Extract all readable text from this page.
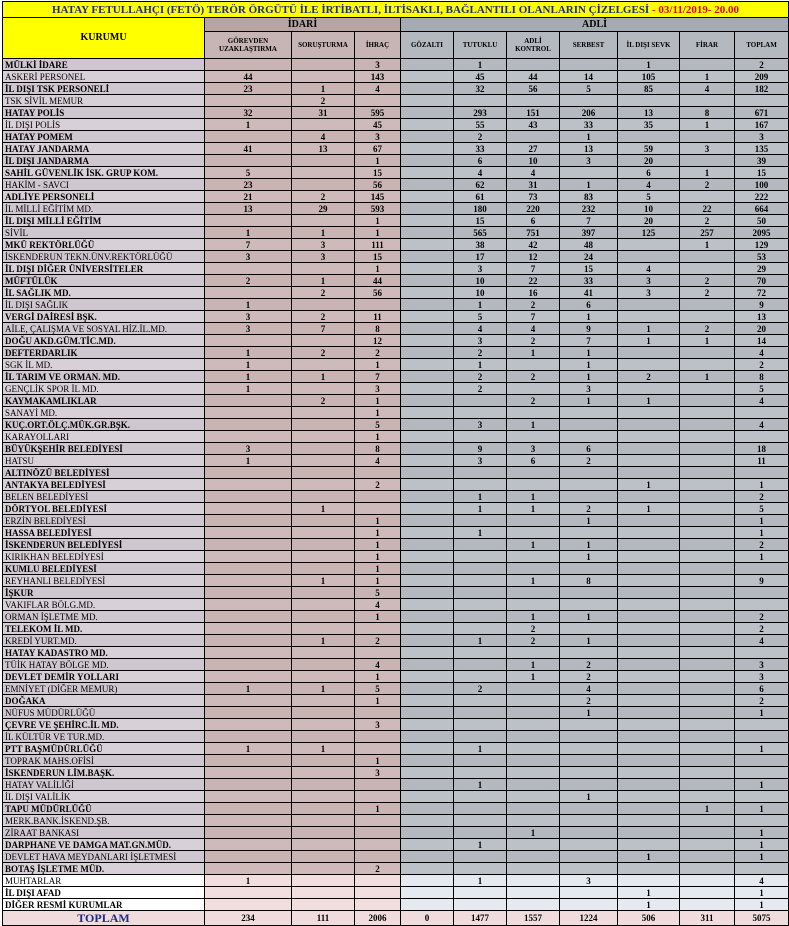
HATAY FETULLAHÇI (FETÖ) TERÖR ÖRGÜTÜ İLE İRTİBATLI, İLTİSAKLI, BAĞLANTILI OLANLARIN ÇİZELGESİ - 03/11/2019- 20.00										
KURUMU	İDARİ			ADLİ						
	GÖREVDEN UZAKLAŞTIRMA	SORUŞTURMA	İHRAÇ	GÖZALTI	TUTUKLU	ADLİ KONTROL	SERBEST	İL DIŞI SEVK	FİRAR	TOPLAM
MÜLKİ İDARE			3		1			1		2
ASKERİ PERSONEL	44		143		45	44	14	105	1	209
İL DIŞI TSK PERSONELİ	23	1	4		32	56	5	85	4	182
TSK SİVİL MEMUR		2								
HATAY POLİS	32	31	595		293	151	206	13	8	671
İL DIŞI POLİS	1		45		55	43	33	35	1	167
HATAY POMEM		4	3		2		1			3
HATAY JANDARMA	41	13	67		33	27	13	59	3	135
İL DIŞI JANDARMA			1		6	10	3	20		39
SAHİL GÜVENLİK İSK. GRUP KOM.	5		15		4	4		6	1	15
HAKİM - SAVCI	23		56		62	31	1	4	2	100
ADLİYE PERSONELİ	21	2	145		61	73	83	5		222
İL MİLLİ EĞİTİM MD.	13	29	593		180	220	232	10	22	664
İL DIŞI MİLLİ EĞİTİM			1		15	6	7	20	2	50
SİVİL	1	1	1		565	751	397	125	257	2095
MKÜ REKTÖRLÜĞÜ	7	3	111		38	42	48		1	129
İSKENDERUN TEKN.ÜNV.REKTÖRLÜĞÜ	3	3	15		17	12	24			53
İL DIŞI DİĞER ÜNİVERSİTELER			1		3	7	15	4		29
MÜFTÜLÜK	2	1	44		10	22	33	3	2	70
İL SAĞLIK MD.		2	56		10	16	41	3	2	72
İL DIŞI SAĞLIK	1				1	2	6			9
VERGİ DAİRESİ BŞK.	3	2	11		5	7	1			13
AİLE, ÇALIŞMA VE SOSYAL HİZ.İL.MD.	3	7	8		4	4	9	1	2	20
DOĞU AKD.GÜM.TİC.MD.			12		3	2	7	1	1	14
DEFTERDARLIK	1	2	2		2	1	1			4
SGK İL MD.	1		1		1		1			2
İL TARIM VE ORMAN. MD.	1	1	7		2	2	1	2	1	8
GENÇLİK SPOR İL MD.	1		3		2		3			5
KAYMAKAMLIKLAR		2	1			2	1	1		4
SANAYİ MD.			1							
KUÇ.ORT.ÖLÇ.MÜK.GR.BŞK.			5		3	1				4
KARAYOLLARI			1							
BÜYÜKŞEHİR BELEDİYESİ	3		8		9	3	6			18
HATSU	1		4		3	6	2			11
ALTINÖZÜ BELEDİYESİ										
ANTAKYA BELEDİYESİ			2					1		1
BELEN BELEDİYESİ					1	1				2
DÖRTYOL BELEDİYESİ		1			1	1	2	1		5
ERZİN BELEDİYESİ			1				1			1
HASSA BELEDİYESİ			1		1					1
İSKENDERUN BELEDİYESİ			1			1	1			2
KIRIKHAN BELEDİYESİ			1				1			1
KUMLU BELEDİYESİ			1							
REYHANLI BELEDİYESİ		1	1			1	8			9
İŞKUR			5							
VAKIFLAR BÖLG.MD.			4							
ORMAN İŞLETME MD.			1			1	1			2
TELEKOM İL MD.						2				2
KREDİ YURT.MD.		1	2		1	2	1			4
HATAY KADASTRO MD.										
TÜİK HATAY BÖLGE MD.			4			1	2			3
DEVLET DEMİR YOLLARI			1			1	2			3
EMNİYET (DİĞER MEMUR)	1	1	5		2		4			6
DOĞAKA			1				2			2
NÜFUS MÜDÜRLÜĞÜ							1			1
ÇEVRE VE ŞEHİRC.İL MD.			3							
İL KÜLTÜR VE TUR.MD.										
PTT BAŞMÜDÜRLÜĞÜ	1	1			1					1
TOPRAK MAHS.OFİSİ			1							
İSKENDERUN LİM.BAŞK.			3							
HATAY VALİLİĞİ					1					1
İL DIŞI VALİLİK							1			
TAPU MÜDÜRLÜĞÜ			1						1	1
MERK.BANK.İSKEND.ŞB.										
ZİRAAT BANKASI						1				1
DARPHANE VE DAMGA MAT.GN.MÜD.					1					1
DEVLET HAVA MEYDANLARI İŞLETMESİ								1		1
BOTAŞ İŞLETME MÜD.			2							
MUHTARLAR	1				1		3			4
İL DIŞI AFAD								1		1
DİĞER RESMİ KURUMLAR								1		1
TOPLAM	234	111	2006	0	1477	1557	1224	506	311	5075
